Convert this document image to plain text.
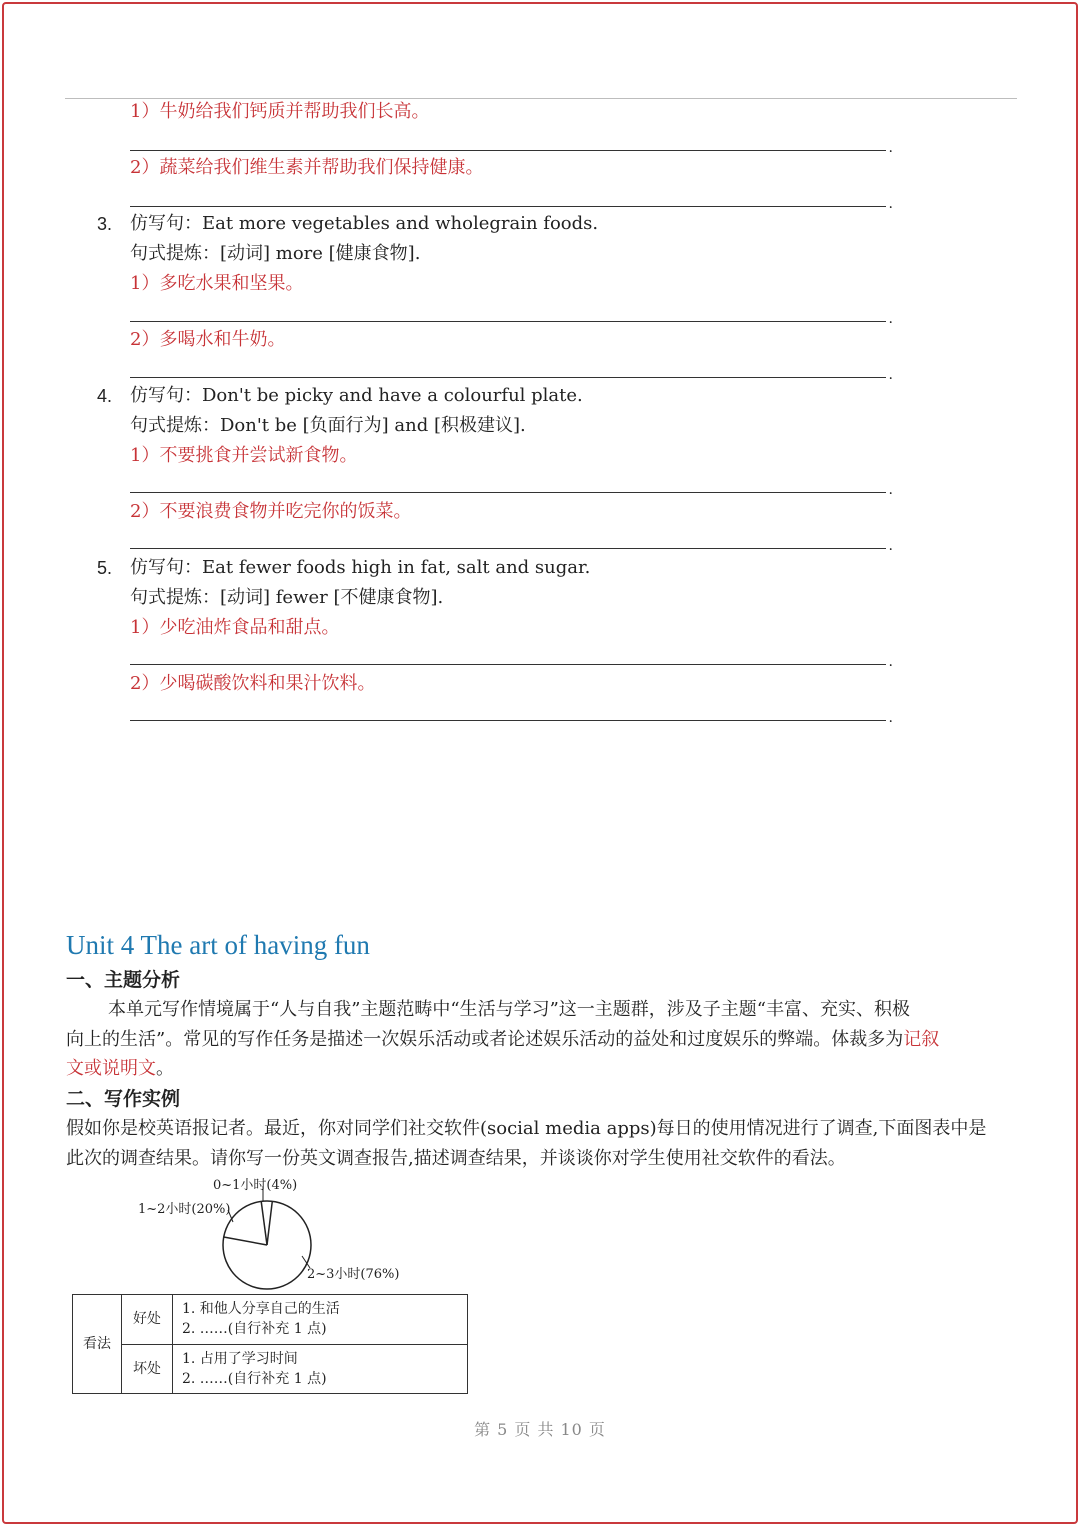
1）牛奶给我们钙质并帮助我们长高。
.
2）蔬菜给我们维生素并帮助我们保持健康。
.
3. 仿写句：Eat more vegetables and wholegrain foods.
句式提炼：[动词] more [健康食物].
1）多吃水果和坚果。
.
2）多喝水和牛奶。
.
4. 仿写句：Don't be picky and have a colourful plate.
句式提炼：Don't be [负面行为] and [积极建议].
1）不要挑食并尝试新食物。
.
2）不要浪费食物并吃完你的饭菜。
.
5. 仿写句：Eat fewer foods high in fat, salt and sugar.
句式提炼：[动词] fewer [不健康食物].
1）少吃油炸食品和甜点。
.
2）少喝碳酸饮料和果汁饮料。
.
Unit 4 The art of having fun
一、主题分析
本单元写作情境属于“人与自我”主题范畴中“生活与学习”这一主题群，涉及子主题“丰富、充实、积极
向上的生活”。常见的写作任务是描述一次娱乐活动或者论述娱乐活动的益处和过度娱乐的弊端。体裁多为记叙
文或说明文。
二、写作实例
假如你是校英语报记者。最近，你对同学们社交软件(social media apps)每日的使用情况进行了调查,下面图表中是
此次的调查结果。请你写一份英文调查报告,描述调查结果，并谈谈你对学生使用社交软件的看法。
0~1小时(4%)
1~2小时(20%)
2~3小时(76%)
看法	好处	1. 和他人分享自己的生活
2. ……(自行补充 1 点)

	坏处	1. 占用了学习时间
2. ……(自行补充 1 点)
第 5 页 共 10 页
